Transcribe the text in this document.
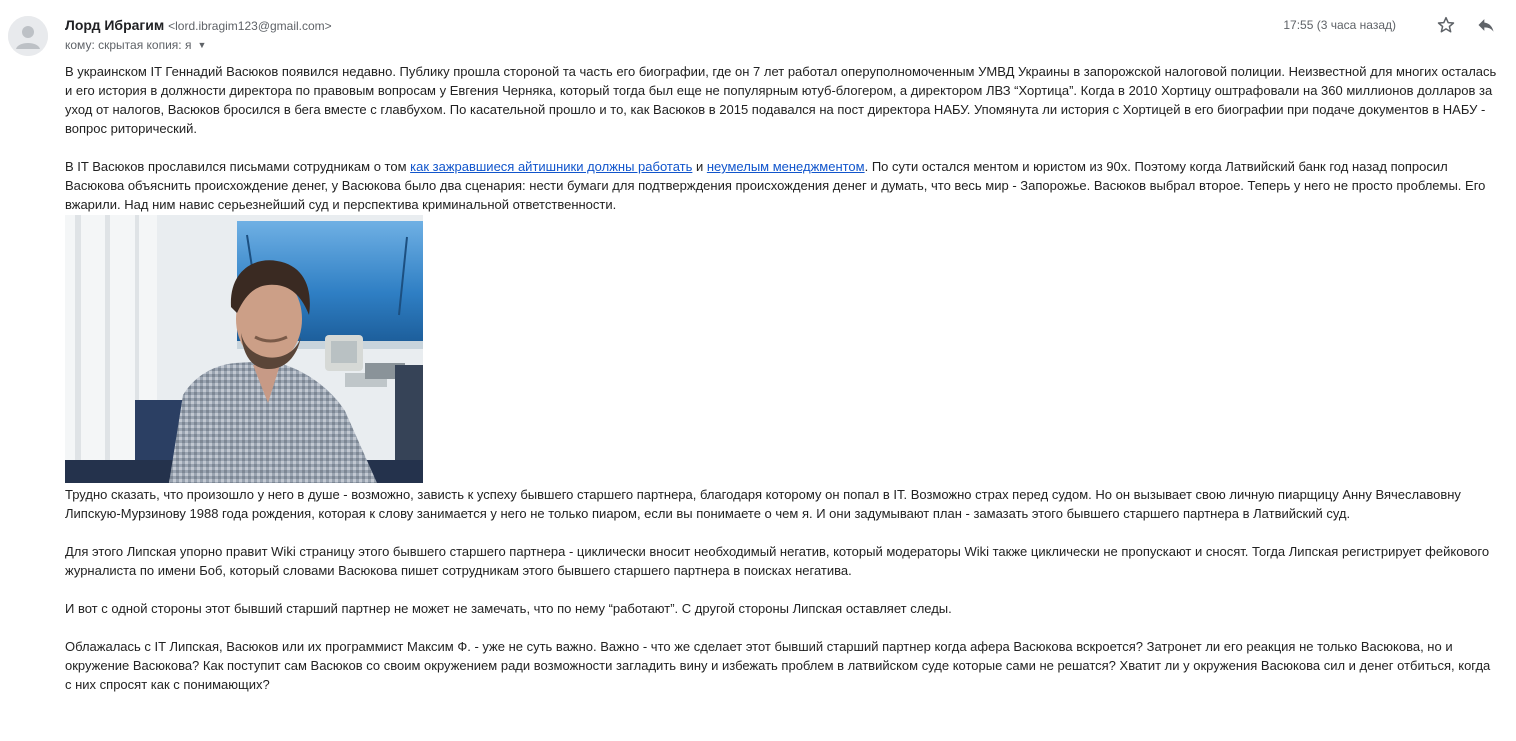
Лорд Ибрагим <lord.ibragim123@gmail.com>
кому: скрытая копия: я ▼
17:55 (3 часа назад)

В украинском IT Геннадий Васюков появился недавно. Публику прошла стороной та часть его биографии, где он 7 лет работал оперуполномоченным УМВД Украины в запорожской налоговой полиции. Неизвестной для многих осталась и его история в должности директора по правовым вопросам у Евгения Черняка, который тогда был еще не популярным ютуб-блогером, а директором ЛВЗ “Хортица”. Когда в 2010 Хортицу оштрафовали на 360 миллионов долларов за уход от налогов, Васюков бросился в бега вместе с главбухом. По касательной прошло и то, как Васюков в 2015 подавался на пост директора НАБУ. Упомянута ли история с Хортицей в его биографии при подаче документов в НАБУ - вопрос риторический.

В IT Васюков прославился письмами сотрудникам о том как зажравшиеся айтишники должны работать и неумелым менеджментом. По сути остался ментом и юристом из 90х. Поэтому когда Латвийский банк год назад попросил Васюкова объяснить происхождение денег, у Васюкова было два сценария: нести бумаги для подтверждения происхождения денег и думать, что весь мир - Запорожье. Васюков выбрал второе. Теперь у него не просто проблемы. Его вжарили. Над ним навис серьезнейший суд и перспектива криминальной ответственности.

Трудно сказать, что произошло у него в душе - возможно, зависть к успеху бывшего старшего партнера, благодаря которому он попал в IT. Возможно страх перед судом. Но он вызывает свою личную пиарщицу Анну Вячеславовну Липскую-Мурзинову 1988 года рождения, которая к слову занимается у него не только пиаром, если вы понимаете о чем я. И они задумывают план - замазать этого бывшего старшего партнера в Латвийский суд.

Для этого Липская упорно правит Wiki страницу этого бывшего старшего партнера - циклически вносит необходимый негатив, который модераторы Wiki также циклически не пропускают и сносят. Тогда Липская регистрирует фейкового журналиста по имени Боб, который словами Васюкова пишет сотрудникам этого бывшего старшего партнера в поисках негатива.

И вот с одной стороны этот бывший старший партнер не может не замечать, что по нему “работают”. С другой стороны Липская оставляет следы.

Облажалась с IT Липская, Васюков или их программист Максим Ф. - уже не суть важно. Важно - что же сделает этот бывший старший партнер когда афера Васюкова вскроется? Затронет ли его реакция не только Васюкова, но и окружение Васюкова? Как поступит сам Васюков со своим окружением ради возможности загладить вину и избежать проблем в латвийском суде которые сами не решатся? Хватит ли у окружения Васюкова сил и денег отбиться, когда с них спросят как с понимающих?
